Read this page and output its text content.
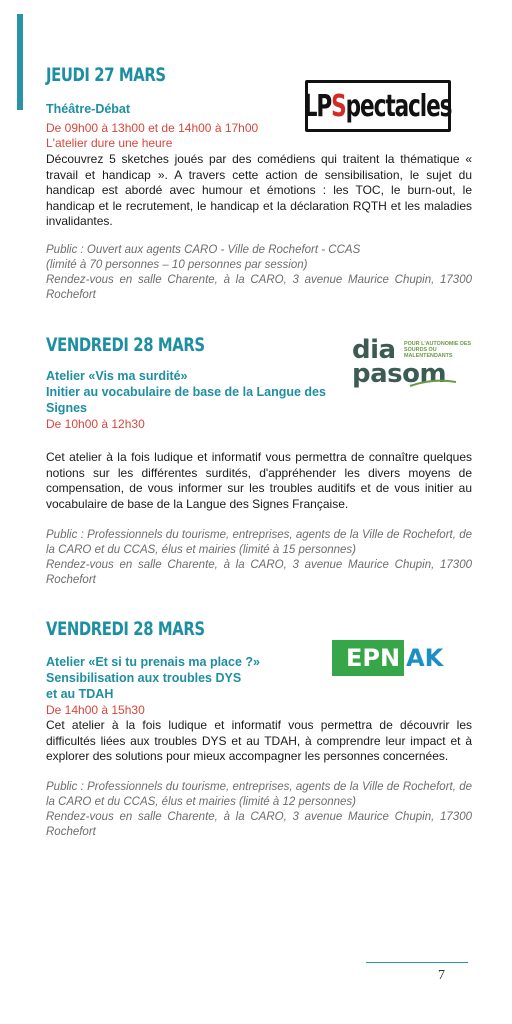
JEUDI 27 MARS

Théâtre-Débat

De 09h00 à 13h00 et de 14h00 à 17h00

L'atelier dure une heure

Découvrez 5 sketches joués par des comédiens qui traitent la thématique « travail et handicap ». A travers cette action de sensibilisation, le sujet du handicap est abordé avec humour et émotions : les TOC, le burn-out, le handicap et le recrutement, le handicap et la déclaration RQTH et les maladies invalidantes.

Public : Ouvert aux agents CARO - Ville de Rochefort - CCAS

(limité à 70 personnes – 10 personnes par session)

Rendez-vous en salle Charente, à la CARO, 3 avenue Maurice Chupin, 17300 Rochefort

LPSpectacles

VENDREDI 28 MARS

Atelier «Vis ma surdité»

Initier au vocabulaire de base de la Langue des Signes

De 10h00 à 12h30

Cet atelier à la fois ludique et informatif vous permettra de connaître quelques notions sur les différentes surdités, d'appréhender les divers moyens de compensation, de vous informer sur les troubles auditifs et de vous initier au vocabulaire de base de la Langue des Signes Française.

Public : Professionnels du tourisme, entreprises, agents de la Ville de Rochefort, de la CARO et du CCAS, élus et mairies (limité à 15 personnes)

Rendez-vous en salle Charente, à la CARO, 3 avenue Maurice Chupin, 17300 Rochefort

dia
pasom
POUR L'AUTONOMIE DES SOURDS OU MALENTENDANTS

VENDREDI 28 MARS

Atelier «Et si tu prenais ma place ?»

Sensibilisation aux troubles DYS

et au TDAH

De 14h00 à 15h30

Cet atelier à la fois ludique et informatif vous permettra de découvrir les difficultés liées aux troubles DYS et au TDAH, à comprendre leur impact et à explorer des solutions pour mieux accompagner les personnes concernées.

Public : Professionnels du tourisme, entreprises, agents de la Ville de Rochefort, de la CARO et du CCAS, élus et mairies (limité à 12 personnes)

Rendez-vous en salle Charente, à la CARO, 3 avenue Maurice Chupin, 17300 Rochefort

EPN AK
7
